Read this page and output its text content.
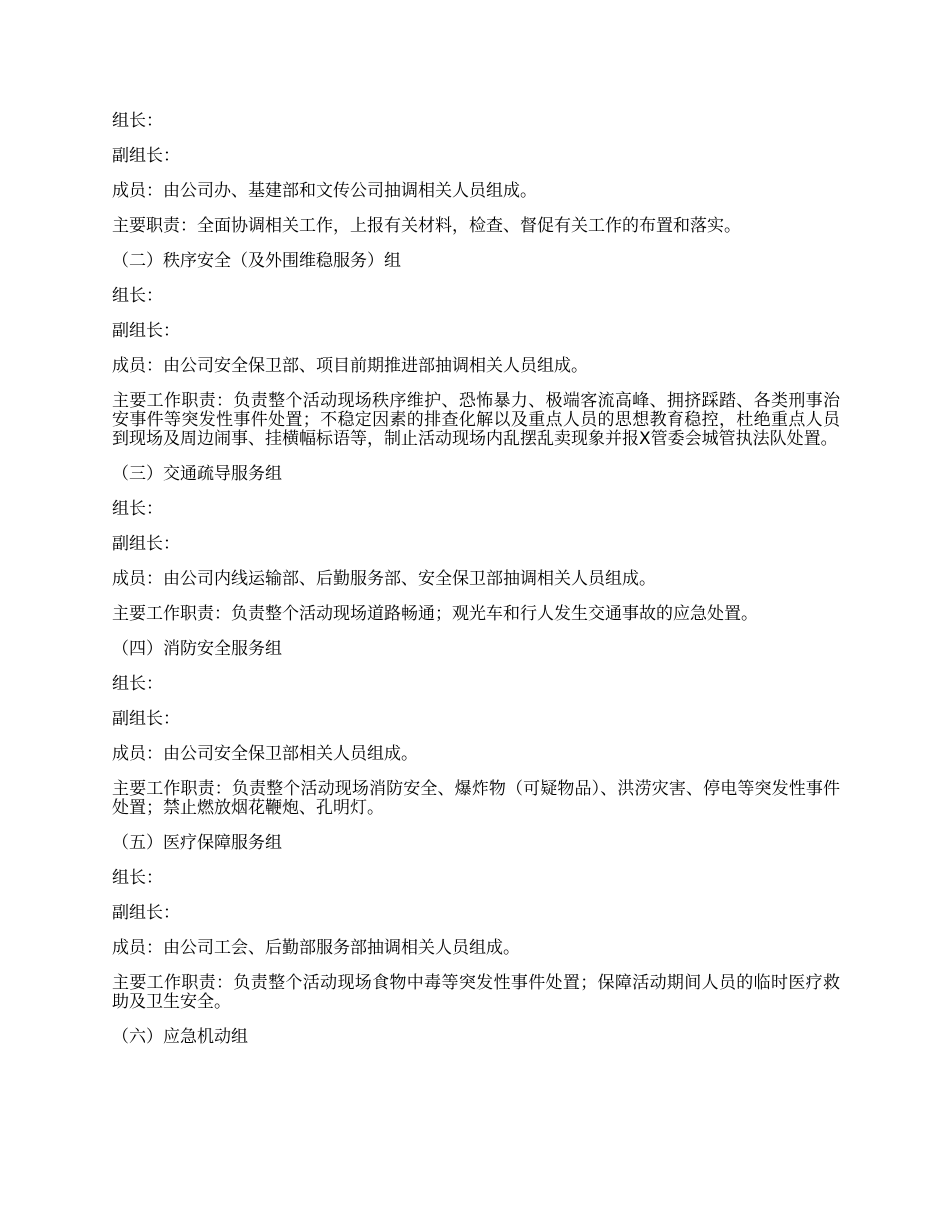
组长：

副组长：

成员：由公司办、基建部和文传公司抽调相关人员组成。

主要职责：全面协调相关工作，上报有关材料，检查、督促有关工作的布置和落实。

（二）秩序安全（及外围维稳服务）组

组长：

副组长：

成员：由公司安全保卫部、项目前期推进部抽调相关人员组成。

主要工作职责：负责整个活动现场秩序维护、恐怖暴力、极端客流高峰、拥挤踩踏、各类刑事治安事件等突发性事件处置；不稳定因素的排查化解以及重点人员的思想教育稳控，杜绝重点人员到现场及周边闹事、挂横幅标语等，制止活动现场内乱摆乱卖现象并报X管委会城管执法队处置。

（三）交通疏导服务组

组长：

副组长：

成员：由公司内线运输部、后勤服务部、安全保卫部抽调相关人员组成。

主要工作职责：负责整个活动现场道路畅通；观光车和行人发生交通事故的应急处置。

（四）消防安全服务组

组长：

副组长：

成员：由公司安全保卫部相关人员组成。

主要工作职责：负责整个活动现场消防安全、爆炸物（可疑物品）、洪涝灾害、停电等突发性事件处置；禁止燃放烟花鞭炮、孔明灯。

（五）医疗保障服务组

组长：

副组长：

成员：由公司工会、后勤部服务部抽调相关人员组成。

主要工作职责：负责整个活动现场食物中毒等突发性事件处置；保障活动期间人员的临时医疗救助及卫生安全。

（六）应急机动组
